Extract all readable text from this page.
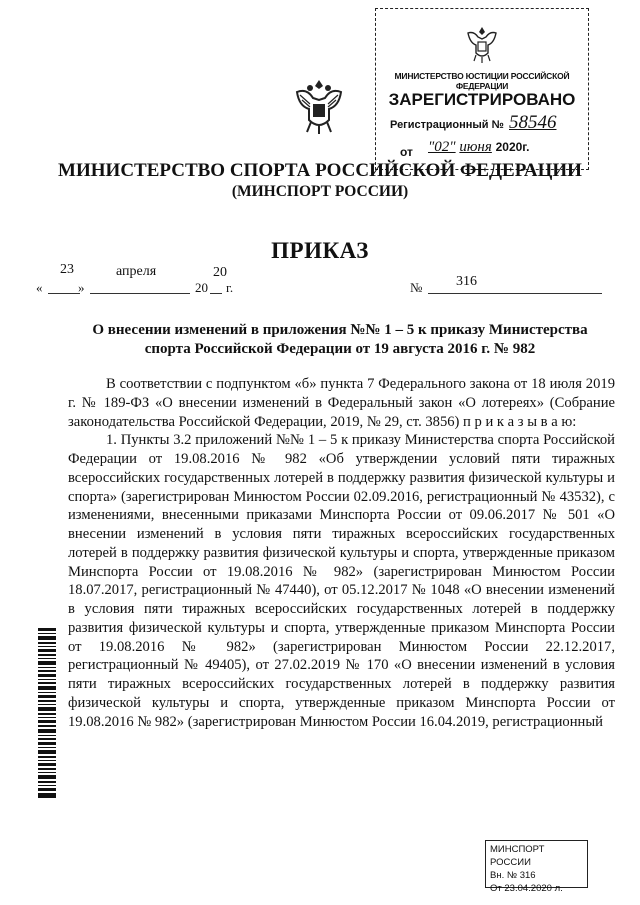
МИНИСТЕРСТВО ЮСТИЦИИ РОССИЙСКОЙ ФЕДЕРАЦИИ
ЗАРЕГИСТРИРОВАНО
Регистрационный № 58546
от "02" июня 2020г.
МИНИСТЕРСТВО СПОРТА РОССИЙСКОЙ ФЕДЕРАЦИИ
(МИНСПОРТ РОССИИ)
ПРИКАЗ
23	апреля	20
«	»	20 г.	№ 316
О внесении изменений в приложения №№ 1 – 5 к приказу Министерства спорта Российской Федерации от 19 августа 2016 г. № 982

В соответствии с подпунктом «б» пункта 7 Федерального закона от 18 июля 2019 г. № 189-ФЗ «О внесении изменений в Федеральный закон «О лотереях» (Собрание законодательства Российской Федерации, 2019, № 29, ст. 3856) п р и к а з ы в а ю:

1. Пункты 3.2 приложений №№ 1 – 5 к приказу Министерства спорта Российской Федерации от 19.08.2016 № 982 «Об утверждении условий пяти тиражных всероссийских государственных лотерей в поддержку развития физической культуры и спорта» (зарегистрирован Минюстом России 02.09.2016, регистрационный № 43532), с изменениями, внесенными приказами Минспорта России от 09.06.2017 № 501 «О внесении изменений в условия пяти тиражных всероссийских государственных лотерей в поддержку развития физической культуры и спорта, утвержденные приказом Минспорта России от 19.08.2016 № 982» (зарегистрирован Минюстом России 18.07.2017, регистрационный № 47440), от 05.12.2017 № 1048 «О внесении изменений в условия пяти тиражных всероссийских государственных лотерей в поддержку развития физической культуры и спорта, утвержденные приказом Минспорта России от 19.08.2016 № 982» (зарегистрирован Минюстом России 22.12.2017, регистрационный № 49405), от 27.02.2019 № 170 «О внесении изменений в условия пяти тиражных всероссийских государственных лотерей в поддержку развития физической культуры и спорта, утвержденные приказом Минспорта России от 19.08.2016 № 982» (зарегистрирован Минюстом России 16.04.2019, регистрационный

МИНСПОРТ РОССИИ
Вн. № 316
От 23.04.2020 л.
